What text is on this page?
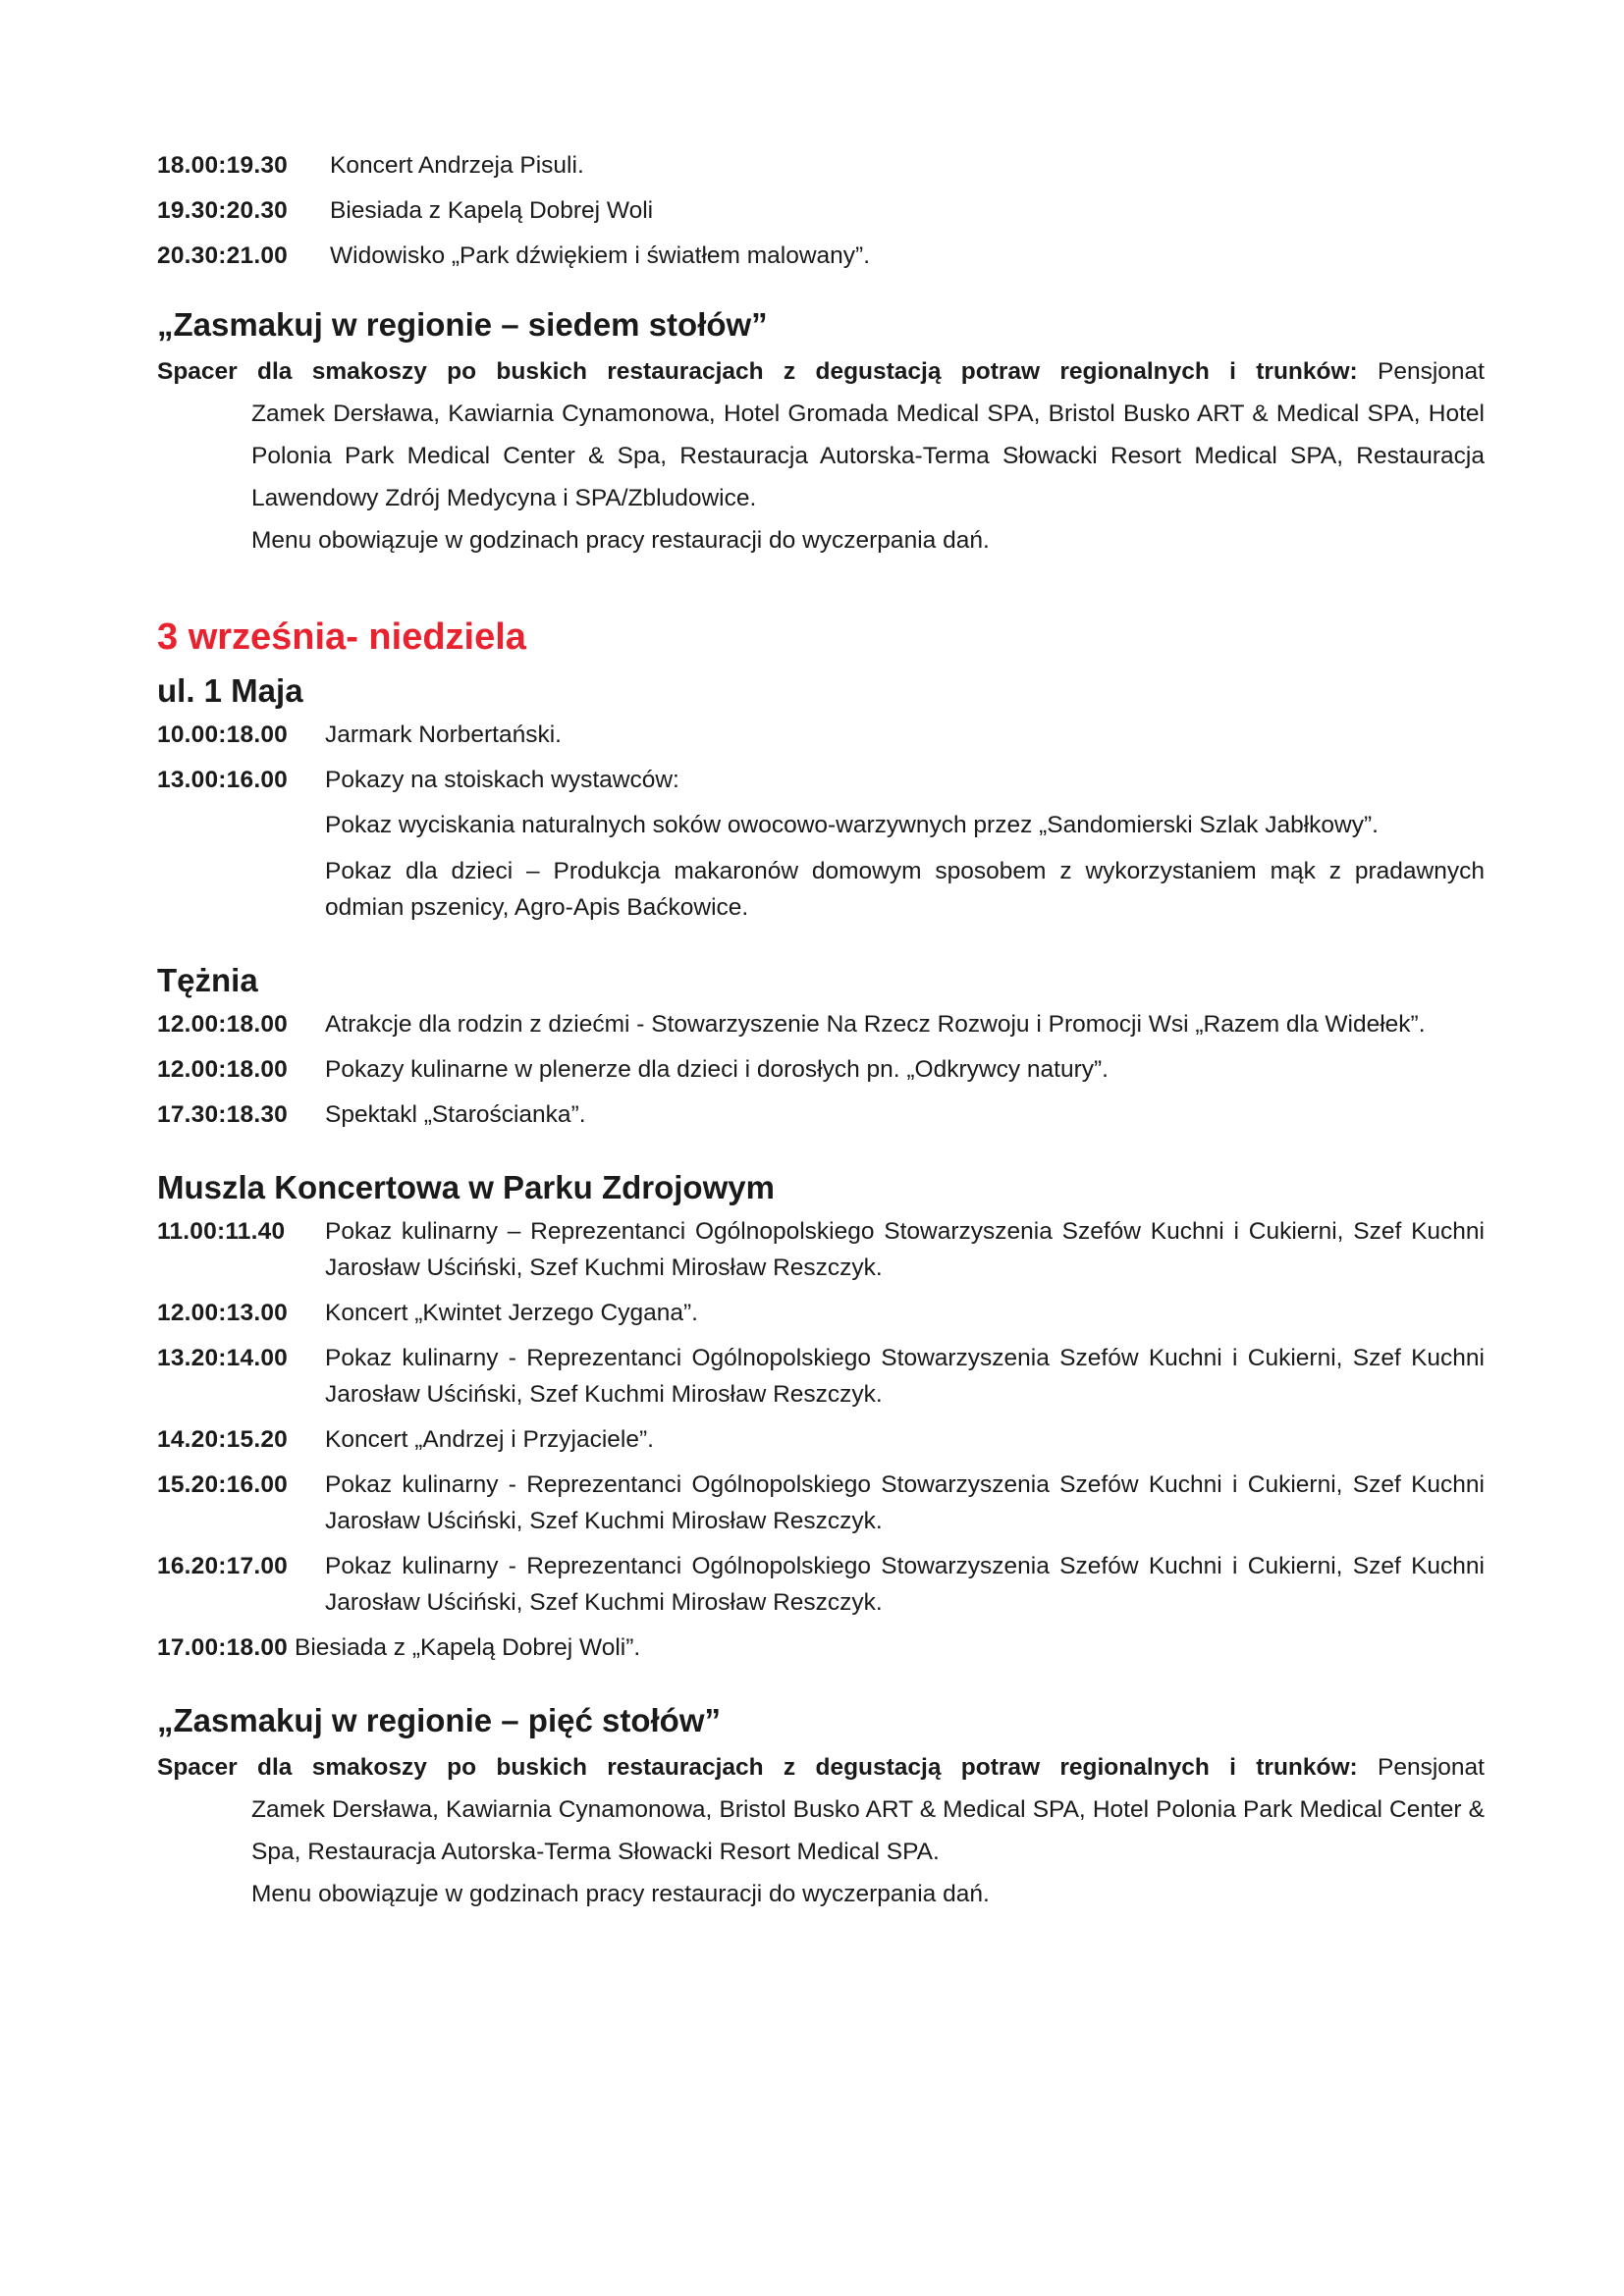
18.00:19.30	Koncert Andrzeja Pisuli.
19.30:20.30	Biesiada z Kapelą Dobrej Woli
20.30:21.00	Widowisko „Park dźwiękiem i światłem malowany”.
„Zasmakuj w regionie – siedem stołów”
Spacer dla smakoszy po buskich restauracjach z degustacją potraw regionalnych i trunków: Pensjonat
Zamek Dersława, Kawiarnia Cynamonowa, Hotel Gromada Medical SPA, Bristol Busko ART & Medical SPA, Hotel Polonia Park Medical Center & Spa, Restauracja Autorska-Terma Słowacki Resort Medical SPA, Restauracja Lawendowy Zdrój Medycyna i SPA/Zbludowice.
Menu obowiązuje w godzinach pracy restauracji do wyczerpania dań.
3 września- niedziela
ul. 1 Maja
10.00:18.00	Jarmark Norbertański.
13.00:16.00	Pokazy na stoiskach wystawców:
Pokaz wyciskania naturalnych soków owocowo-warzywnych przez „Sandomierski Szlak Jabłkowy”.
Pokaz dla dzieci – Produkcja makaronów domowym sposobem z wykorzystaniem mąk z pradawnych odmian pszenicy, Agro-Apis Baćkowice.
Tężnia
12.00:18.00	Atrakcje dla rodzin z dziećmi - Stowarzyszenie Na Rzecz Rozwoju i Promocji Wsi „Razem dla Widełek”.
12.00:18.00	Pokazy kulinarne w plenerze dla dzieci i dorosłych pn. „Odkrywcy natury”.
17.30:18.30	Spektakl „Starościanka”.
Muszla Koncertowa w Parku Zdrojowym
11.00:11.40	Pokaz kulinarny – Reprezentanci Ogólnopolskiego Stowarzyszenia Szefów Kuchni i Cukierni, Szef Kuchni Jarosław Uściński, Szef Kuchmi Mirosław Reszczyk.
12.00:13.00	Koncert „Kwintet Jerzego Cygana”.
13.20:14.00	Pokaz kulinarny - Reprezentanci Ogólnopolskiego Stowarzyszenia Szefów Kuchni i Cukierni, Szef Kuchni Jarosław Uściński, Szef Kuchmi Mirosław Reszczyk.
14.20:15.20	Koncert „Andrzej i Przyjaciele”.
15.20:16.00	Pokaz kulinarny - Reprezentanci Ogólnopolskiego Stowarzyszenia Szefów Kuchni i Cukierni, Szef Kuchni Jarosław Uściński, Szef Kuchmi Mirosław Reszczyk.
16.20:17.00	Pokaz kulinarny - Reprezentanci Ogólnopolskiego Stowarzyszenia Szefów Kuchni i Cukierni, Szef Kuchni Jarosław Uściński, Szef Kuchmi Mirosław Reszczyk.
17.00:18.00 Biesiada z „Kapelą Dobrej Woli”.
„Zasmakuj w regionie – pięć stołów”
Spacer dla smakoszy po buskich restauracjach z degustacją potraw regionalnych i trunków: Pensjonat
Zamek Dersława, Kawiarnia Cynamonowa, Bristol Busko ART & Medical SPA, Hotel Polonia Park Medical Center & Spa, Restauracja Autorska-Terma Słowacki Resort Medical SPA.
Menu obowiązuje w godzinach pracy restauracji do wyczerpania dań.
